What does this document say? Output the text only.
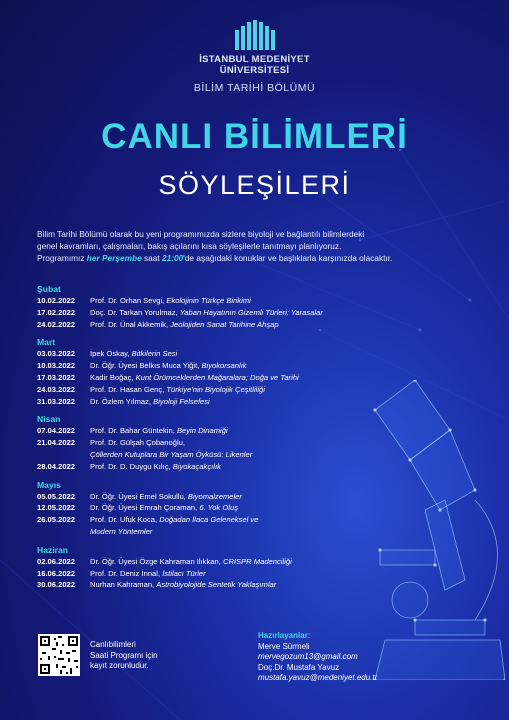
İSTANBUL MEDENİYET
ÜNİVERSİTESİ
BİLİM TARİHİ BÖLÜMÜ
CANLI BİLİMLERİ
SÖYLEŞİLERİ
Bilim Tarihi Bölümü olarak bu yeni programımızda sizlere biyoloji ve bağlantılı bilimlerdeki
genel kavramları, çalışmaları, bakış açılarını kısa söyleşilerle tanıtmayı planlıyoruz.
Programımız her Perşembe saat 21:00'de aşağıdaki konuklar ve başlıklarla karşınızda olacaktır.
Şubat
10.02.2022	Prof. Dr. Orhan Sevgi, Ekolojinin Türkçe Birikimi
17.02.2022	Doç. Dr. Tarkan Yorulmaz, Yaban Hayatının Gizemli Türleri: Yarasalar
24.02.2022	Prof. Dr. Ünal Akkemik, Jeolojiden Sanat Tarihine Ahşap
Mart
03.03.2022	İpek Oskay, Bitkilerin Sesi
10.03.2022	Dr. Öğr. Üyesi Belkıs Muca Yiğit, Biyokorsanlık
17.03.2022	Kadir Boğaç, Kunt Örümceklerden Mağaralara; Doğa ve Tarihi
24.03.2022	Prof. Dr. Hasan Genç, Türkiye'nin Biyolojik Çeşitliliği
31.03.2022	Dr. Özlem Yılmaz, Biyoloji Felsefesi
Nisan
07.04.2022	Prof. Dr. Bahar Güntekin, Beyin Dinamiği
21.04.2022	Prof. Dr. Gülşah Çobanoğlu,
Çöllerden Kutuplara Bir Yaşam Öyküsü: Likenler
28.04.2022	Prof. Dr. D. Duygu Kılıç, Biyokaçakçılık
Mayıs
05.05.2022	Dr. Öğr. Üyesi Emel Sokullu, Biyomalzemeler
12.05.2022	Dr. Öğr. Üyesi Emrah Çoraman, 6. Yok Oluş
26.05.2022	Prof. Dr. Ufuk Koca, Doğadan İlaca Geleneksel ve
Modern Yöntemler
Haziran
02.06.2022	Dr. Öğr. Üyesi Özge Kahraman Ilıkkan, CRISPR Madenciliği
16.06.2022	Prof. Dr. Deniz İnnal, İstilacı Türler
30.06.2022	Nurhan Kahraman, Astrobiyolojide Sentetik Yaklaşımlar
Canlıbilimleri
Saati Programı için
kayıt zorunludur.
Hazırlayanlar:
Merve Sürmeli
mervegozum13@gmail.com
Doç.Dr. Mustafa Yavuz
mustafa.yavuz@medeniyet.edu.tr
